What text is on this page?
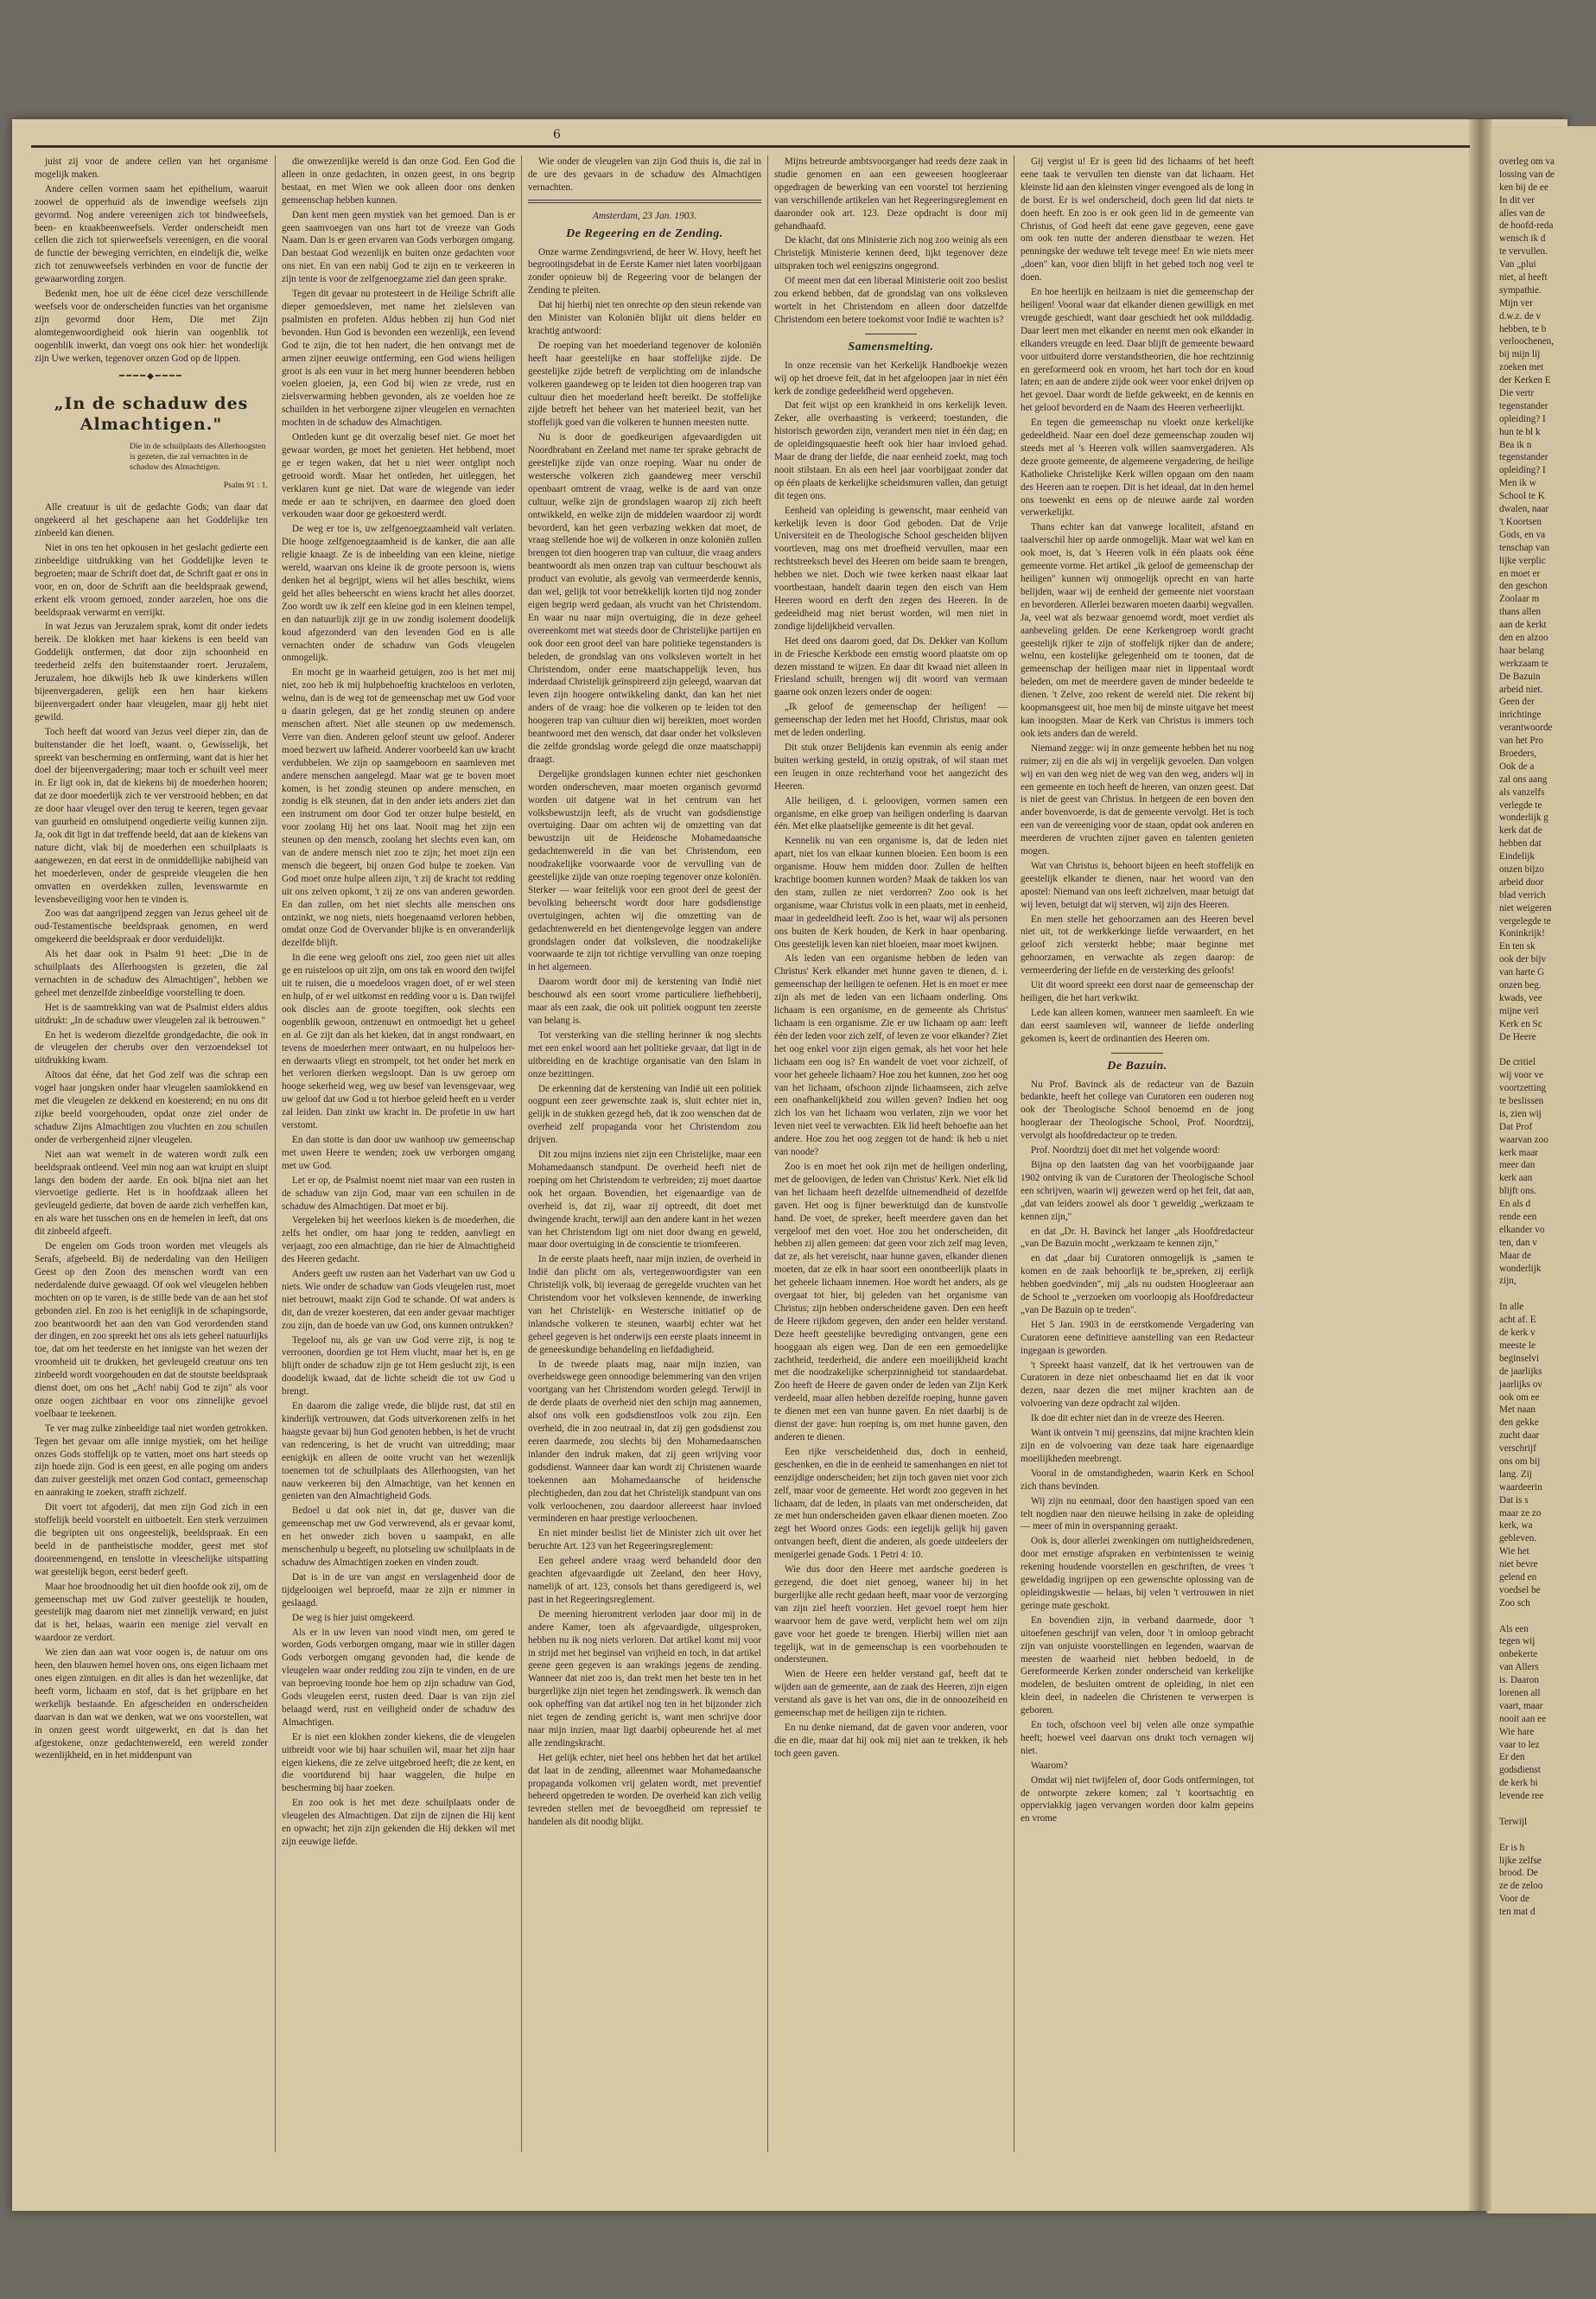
6

juist zij voor de andere cellen van het organisme mogelijk maken.

Andere cellen vormen saam het epithelium, waaruit zoowel de opperhuid als de inwendige weefsels zijn gevormd. Nog andere vereenigen zich tot bindweefsels, been- en kraakbeenweefsels. Verder onderscheidt men cellen die zich tot spierweefsels vereenigen, en die vooral de functie der beweging verrichten, en eindelijk die, welke zich tot zenuwweefsels verbinden en voor de functie der gewaarwording zorgen.

Bedenkt men, hoe uit de ééne cicel deze verschillende weefsels voor de onderscheiden functies van het organisme zijn gevormd door Hem, Die met Zijn alomtegenwoordigheid ook hierin van oogenblik tot oogenblik inwerkt, dan voegt ons ook hier: het wonderlijk zijn Uwe werken, tegenover onzen God op de lippen.

━━━━◆━━━━
„In de schaduw des Almachtigen."
Die in de schuilplaats des Allerhoogsten is gezeten, die zal vernachten in de schaduw des Almachtigen.
Psalm 91 : 1.

Alle creatuur is uit de gedachte Gods; van daar dat ongekeerd al het geschapene aan het Goddelijke ten zinbeeld kan dienen.

Niet in ons ten het opkousen in het geslacht gedierte een zinbeeldige uitdrukking van het Goddelijke leven te begroeten; maar de Schrift doet dat, de Schrift gaat er ons in voor, en on, door de Schrift aan die beeldspraak gewend, erkent elk vroom gemoed, zonder aarzelen, hoe ons die beeldspraak verwarmt en verrijkt.

In wat Jezus van Jeruzalem sprak, komt dit onder iedets bereik. De klokken met haar kiekens is een beeld van Goddelijk ontfermen, dat door zijn schoonheid en teederheid zelfs den buitenstaander roert. Jeruzalem, Jeruzalem, hoe dikwijls heb Ik uwe kinderkens willen bijeenvergaderen, gelijk een hen haar kiekens bijeenvergadert onder haar vleugelen, maar gij hebt niet gewild.

Toch heeft dat woord van Jezus veel dieper zin, dan de buitenstander die het loeft, waant. o, Gewisselijk, het spreekt van bescherming en ontferming, want dat is hier het doel der bijeenvergadering; maar toch er schuilt veel meer in. Er ligt ook in, dat de kiekens bij de moederhen hooren; dat ze door moederlijk zich te ver verstrooid hebben; en dat ze door haar vleugel over den terug te keeren, tegen gevaar van guurheid en omsluipend ongedierte veilig kunnen zijn. Ja, ook dit ligt in dat treffende beeld, dat aan de kiekens van nature dicht, vlak bij de moederhen een schuilplaats is aangewezen, en dat eerst in de onmiddellijke nabijheid van het moederleven, onder de gespreide vleugelen die hen omvatten en overdekken zullen, levenswarmte en levensbeveiliging voor hen te vinden is.

Zoo was dat aangrijpend zeggen van Jezus geheel uit de oud-Testamentische beeldspraak genomen, en werd omgekeerd die beeldspraak er door verduidelijkt.

Als het daar ook in Psalm 91 heet: „Die in de schuilplaats des Allerhoogsten is gezeten, die zal vernachten in de schaduw des Almachtigen", hebben we geheel met denzelfde zinbeeldige voorstelling te doen.

Het is de saamtrekking van wat de Psalmist elders aldus uitdrukt: „In de schaduw uwer vleugelen zal ik betrouwen."

En het is wederom diezelfde grondgedachte, die ook in de vleugelen der cherubs over den verzoendeksel tot uitdrukking kwam.

Altoos dat ééne, dat het God zelf was die schrap een vogel haar jongsken onder haar vleugelen saamlokkend en met die vleugelen ze dekkend en koesterend; en nu ons dit zijke beeld voorgehouden, opdat onze ziel onder de schaduw Zijns Almachtigen zou vluchten en zou schuilen onder de verbergenheid zijner vleugelen.

Niet aan wat wemelt in de wateren wordt zulk een beeldspraak ontleend. Veel min nog aan wat kruipt en sluipt langs den bodem der aarde. En ook bijna niet aan het viervoetige gedierte. Het is in hoofdzaak alleen het gevleugeld gedierte, dat boven de aarde zich verheffen kan, en als ware het tusschen ons en de hemelen in leeft, dat ons dit zinbeeld afgeeft.

De engelen om Gods troon worden met vleugels als Serafs, afgebeeld. Bij de nederdaling van den Heiligen Geest op den Zoon des menschen wordt van een nederdalende duive gewaagd. Of ook wel vleugelen hebben mochten on op te varen, is de stille bede van de aan het stof gebonden ziel. En zoo is het eeniglijk in de schapingsorde, zoo beantwoordt het aan den van God verordenden stand der dingen, en zoo spreekt het ons als iets geheel natuurlijks toe, dat om het teederste en het innigste van het wezen der vroomheid uit te drukken, het gevleugeld creatuur ons ten zinbeeld wordt voorgehouden en dat de stoutste beeldspraak dienst doet, om ons het „Ach! nabij God te zijn" als voor onze oogen zichtbaar en voor ons zinnelijke gevoel voelbaar te teekenen.

Te ver mag zulke zinbeeldige taal niet worden getrokken. Tegen het gevaar om alle innige mystiek, om het heilige onzes Gods stoffelijk op te vatten, moet ons hart steeds op zijn hoede zijn. God is een geest, en alle poging om anders dan zuiver geestelijk met onzen God contact, gemeenschap en aanraking te zoeken, strafft zichzelf.

Dit voert tot afgoderij, dat men zijn God zich in een stoffelijk beeld voorstelt en uitboetelt. Een sterk verzuimen die begripten uit ons ongeestelijk, beeldspraak. En een beeld in de pantheistische modder, geest met stof dooreenmengend, en tenslotte in vleeschelijke uitspatting wat geestelijk begon, eerst bederf geeft.

Maar hoe broodnoodig het uit dien hoofde ook zij, om de gemeenschap met uw God zuiver geestelijk te houden, geestelijk mag daarom niet met zinnelijk verward; en juist dat is het, helaas, waarin een menige ziel vervalt en waardoor ze verdort.

We zien dan aan wat voor oogen is, de natuur om ons heen, den blauwen hemel hoven ons, ons eigen lichaam met ones eigen zintuigen. en dit alles is dan het wezenlijke, dat heeft vorm, lichaam en stof, dat is het grijpbare en het werkelijk bestaande. En afgescheiden en onderscheiden daarvan is dan wat we denken, wat we ons voorstellen, wat in onzen geest wordt uitgewerkt, en dat is dan het afgestokene, onze gedachtenwereld, een wereld zonder wezenlijkheid, en in het middenpunt van

die onwezenlijke wereld is dan onze God. Een God die alleen in onze gedachten, in onzen geest, in ons begrip bestaat, en met Wien we ook alleen door ons denken gemeenschap hebben kunnen.

Dan kent men geen mystiek van het gemoed. Dan is er geen saamvoegen van ons hart tot de vreeze van Gods Naam. Dan is er geen ervaren van Gods verborgen omgang. Dan bestaat God wezenlijk en buiten onze gedachten voor ons niet. En van een nabij God te zijn en te verkeeren in zijn tente is voor de zelfgenoegzame ziel dan geen sprake.

Tegen dit gevaar nu protesteert in de Heilige Schrift alle dieper gemoedsleven, met name het zielsleven van psalmisten en profeten. Aldus hebben zij hun God niet bevonden. Hun God is bevonden een wezenlijk, een levend God te zijn, die tot hen nadert, die hen ontvangt met de armen zijner eeuwige ontferming, een God wiens heiligen groot is als een vuur in het merg hunner beenderen hebben voelen gloeien, ja, een God bij wien ze vrede, rust en zielsverwarming hebben gevonden, als ze voelden hoe ze schuilden in het verborgene zijner vleugelen en vernachten mochten in de schaduw des Almachtigen.

Ontleden kunt ge dit overzalig besef niet. Ge moet het gewaar worden, ge moet het genieten. Het hebbend, moet ge er tegen waken, dat het u niet weer ontglipt noch getrooid wordt. Maar het ontleden, het uitleggen, het verklaren kunt ge niet. Dat ware de wiegende van ieder mede er aan te schrijven, en daarmee den gloed doen verkouden waar door ge gekoesterd werdt.

De weg er toe is, uw zelfgenoegzaamheid valt verlaten. Die hooge zelfgenoegzaamheid is de kanker, die aan alle religie knaagt. Ze is de inbeelding van een kleine, nietige wereld, waarvan ons kleine ik de groote persoon is, wiens denken het al begrijpt, wiens wil het alles beschikt, wiens geld het alles beheerscht en wiens kracht het alles doorzet. Zoo wordt uw ik zelf een kleine god in een kleinen tempel, en dan natuurlijk zijt ge in uw zondig isolement doodelijk koud afgezonderd van den levenden God en is alle vernachten onder de schaduw van Gods vleugelen onmogelijk.

En mocht ge in waarheid getuigen, zoo is het met mij niet, zoo heb ik mij hulpbehoeftig krachteloos en verloten, welnu, dan is de weg tot de gemeenschap met uw God voor u daarin gelegen, dat ge het zondig steunen op andere menschen aftert. Niet alle steunen op uw medemensch. Verre van dien. Anderen geloof steunt uw geloof. Anderer moed bezwert uw lafheid. Anderer voorbeeld kan uw kracht verdubbelen. We zijn op saamgeboorn en saamleven met andere menschen aangelegd. Maar wat ge te boven moet komen, is het zondig steunen op andere menschen, en zondig is elk steunen, dat in den ander iets anders ziet dan een instrument om door God ter onzer hulpe besteld, en voor zoolang Hij het ons laat. Nooit mag het zijn een steunen op den mensch, zoolang het slechts even kan, om van de andere mensch niet zoo te zijn; het moet zijn een mensch die begeert, bij onzen God hulpe te zoeken. Van God moet onze hulpe alleen zijn, 't zij de kracht tot redding uit ons zelven opkomt, 't zij ze ons van anderen geworden. En dan zullen, om het niet slechts alle menschen ons ontzinkt, we nog niets, niets hoegenaamd verloren hebben, omdat onze God de Overvander blijke is en onveranderlijk dezelfde blijft.

In die eene weg gelooft ons ziel, zoo geen niet uit alles ge en ruisteloos op uit zijn, om ons tak en woord den twijfel uit te ruisen, die u moedeloos vragen doet, of er wel steen en hulp, of er wel uitkomst en redding voor u is. Dan twijfel ook discles aan de groote toegiften, ook slechts een oogenblik gewoon, ontzenuwt en ontmoedigt het u geheel en al. Ge zijt dan als het kieken, dat in angst rondwaart, en tevens de moederhen meer ontwaart, en nu hulpeloos her- en derwaarts vliegt en strompelt, tot het onder het merk en het verloren dierken wegsloopt. Dan is uw geroep om hooge sekerheid weg, weg uw besef van levensgevaar, weg uw geloof dat uw God u tot hierboe geleid heeft en u verder zal leiden. Dan zinkt uw kracht in. De profetie in uw hart verstomt.

En dan stotte is dan door uw wanhoop uw gemeenschap met uwen Heere te wenden; zoek uw verborgen omgang met uw God.

Let er op, de Psalmist noemt niet maar van een rusten in de schaduw van zijn God, maar van een schuilen in de schaduw des Almachtigen. Dat moet er bij.

Vergeleken bij het weerloos kieken is de moederhen, die zelfs het ondier, om haar jong te redden, aanvliegt en verjaagt, zoo een almachtige, dan rie hier de Almachtigheid des Heeren gedacht.

Anders geeft uw rusten aan het Vaderhart van uw God u niets. Wie onder de schaduw van Gods vleugelen rust, moet niet betrouwt, maakt zijn God te schande. Of wat anders is dit, dan de vrezer koesteren, dat een ander gevaar machtiger zou zijn, dan de hoede van uw God, ons kunnen ontrukken?

Tegeloof nu, als ge van uw God verre zijt, is nog te verroonen, doordien ge tot Hem vlucht, maar het is, en ge blijft onder de schaduw zijn ge tot Hem geslucht zijt, is een doodelijk kwaad, dat de lichte scheidt die tot uw God u brengt.

En daarom die zalige vrede, die blijde rust, dat stil en kinderlijk vertrouwen, dat Gods uitverkorenen zelfs in het haagste gevaar bij hun God genoten hebben, is het de vrucht van redencering, is het de vrucht van uitredding; maar eenigkijk en alleen de ooite vrucht van het wezenlijk toenemen tot de schuilplaats des Allerhoogsten, van het nauw verkeeren bij den Almachtige, van het kennen en genieten van den Almachtigheid Gods.

Bedoel u dat ook niet in, dat ge, dusver van die gemeenschap met uw God verwrevend, als er gevaar komt, en het onweder zich boven u saampakt, en alle menschenhulp u begeeft, nu plotseling uw schuilplaats in de schaduw des Almachtigen zoeken en vinden zoudt.

Dat is in de ure van angst en verslagenheid door de tijdgelooigen wel beproefd, maar ze zijn er nimmer in geslaagd.

De weg is hier juist omgekeerd.

Als er in uw leven van nood vindt men, om gered te worden, Gods verborgen omgang, maar wie in stiller dagen Gods verborgen omgang gevonden had, die kende de vleugelen waar onder redding zou zijn te vinden, en de ure van beproeving toonde hoe hem op zijn schaduw van God, Gods vleugelen eerst, rusten deed. Daar is van zijn ziel belaagd werd, rust en veiligheid onder de schaduw des Almachtigen.

Er is niet een klokhen zonder kiekens, die de vleugelen uitbreidt voor wie bij haar schuilen wil, maar het zijn haar eigen kiekens, die ze zelve uitgebroed heeft; die ze kent, en die voortdurend bij haar waggelen, die hulpe en bescherming bij haar zoeken.

En zoo ook is het met deze schuilplaats onder de vleugelen des Almachtigen. Dat zijn de zijnen die Hij kent en opwacht; het zijn zijn gekenden die Hij dekken wil met zijn eeuwige liefde.

Wie onder de vleugelen van zijn God thuis is, die zal in de ure des gevaars in de schaduw des Almachtigen vernachten.

Amsterdam, 23 Jan. 1903.
De Regeering en de Zending.

Onze warme Zendingsvriend, de heer W. Hovy, heeft het begrootingsdebat in de Eerste Kamer niet laten voorbijgaan zonder opnieuw bij de Regeering voor de belangen der Zending te pleiten.

Dat hij hierbij niet ten onrechte op den steun rekende van den Minister van Koloniën blijkt uit diens helder en krachtig antwoord:

De roeping van het moederland tegenover de koloniën heeft haar geestelijke en haar stoffelijke zijde. De geestelijke zijde betreft de verplichting om de inlandsche volkeren gaandeweg op te leiden tot dien hoogeren trap van cultuur dien het moederland heeft bereikt. De stoffelijke zijde betreft het beheer van het materieel bezit, van het stoffelijk goed van die volkeren te hunnen meesten nutte.

Nu is door de goedkeurigen afgevaardigden uit Noordbrabant en Zeeland met name ter sprake gebracht de geestelijke zijde van onze roeping. Waar nu onder de westersche volkeren zich gaandeweg meer verschil openbaart omtrent de vraag, welke is de aard van onze cultuur, welke zijn de grondslagen waarop zij zich heeft ontwikkeld, en welke zijn de middelen waardoor zij wordt bevorderd, kan het geen verbazing wekken dat moet, de vraag stellende hoe wij de volkeren in onze koloniën zullen brengen tot dien hoogeren trap van cultuur, die vraag anders beantwoordt als men onzen trap van cultuur beschouwt als product van evolutie, als gevolg van vermeerderde kennis, dan wel, gelijk tot voor betrekkelijk korten tijd nog zonder eigen begrip werd gedaan, als vrucht van het Christendom. En waar nu naar mijn overtuiging, die in deze geheel overeenkomt met wat steeds door de Christelijke partijen en ook door een groot deel van hare politieke tegenstanders is beleden, de grondslag van ons volksleven wortelt in het Christendom, onder eene maatschappelijk leven, hus inderdaad Christelijk geïnspireerd zijn geleegd, waarvan dat leven zijn hoogere ontwikkeling dankt, dan kan het niet anders of de vraag: hoe die volkeren op te leiden tot den hoogeren trap van cultuur dien wij bereikten, moet worden beantwoord met den wensch, dat daar onder het volksleven die zelfde grondslag worde gelegd die onze maatschappij draagt.

Dergelijke grondslagen kunnen echter niet geschonken worden onderscheven, maar moeten organisch gevormd worden uit datgene wat in het centrum van het volksbewustzijn leeft, als de vrucht van godsdienstige overtuiging. Daar om achten wij de omzetting van dat bewustzijn uit de Heidensche Mohamedaansche gedachtenwereld in die van het Christendom, een noodzakelijke voorwaarde voor de vervulling van de geestelijke zijde van onze roeping tegenover onze koloniën. Sterker — waar feitelijk voor een groot deel de geest der bevolking beheerscht wordt door hare godsdienstige overtuigingen, achten wij die omzetting van de gedachtenwereld en het dientengevolge leggen van andere grondslagen onder dat volksleven, die noodzakelijke voorwaarde te zijn tot richtige vervulling van onze roeping in het algemeen.

Daarom wordt door mij de kerstening van Indië niet beschouwd als een soort vrome particuliere liefhebberij, maar als een zaak, die ook uit politiek oogpunt ten zeerste van belang is.

Tot versterking van die stelling herinner ik nog slechts met een enkel woord aan het politieke gevaar, dat ligt in de uitbreiding en de krachtige organisatie van den Islam in onze bezittingen.

De erkenning dat de kerstening van Indië uit een politiek oogpunt een zeer gewenschte zaak is, sluit echter niet in, gelijk in de stukken gezegd heb, dat ik zoo wenschen dat de overheid zelf propaganda voor het Christendom zou drijven.

Dit zou mijns inziens niet zijn een Christelijke, maar een Mohamedaansch standpunt. De overheid heeft niet de roeping om het Christendom te verbreiden; zij moet daartoe ook het orgaan. Bovendien, het eigenaardige van de overheid is, dat zij, waar zij optreedt, dit doet met dwingende kracht, terwijl aan den andere kant in het wezen van het Christendom ligt om niet door dwang en geweld, maar door overtuiging in de conscientie te triomfeeren.

In de eerste plaats heeft, naar mijn inzien, de overheid in Indië dan plicht om als, vertegenwoordigster van een Christelijk volk, bij ieveraag de geregelde vruchten van het Christendom voor het volksleven kennende, de inwerking van het Christelijk- en Westersche initiatief op de inlandsche volkeren te steunen, waarbij echter wat het geheel gegeven is het onderwijs een eerste plaats inneemt in de geneeskundige behandeling en liefdadigheid.

In de tweede plaats mag, naar mijn inzien, van overheidswege geen onnoodige belemmering van den vrijen voortgang van het Christendom worden gelegd. Terwijl in de derde plaats de overheid niet den schijn mag aannemen, alsof ons volk een godsdienstloos volk zou zijn. Een overheid, die in zoo neutraal in, dat zij gen godsdienst zou eeren daarmede, zou slechts bij den Mohamedaanschen inlander den indruk maken, dat zij geen wrijving voor godsdienst. Wanneer daar kan wordt zij Christenen waarde toekennen aan Mohamedaansche of heidensche plechtigheden, dan zou dat het Christelijk standpunt van ons volk verloochenen, zou daardoor allereerst haar invloed verminderen en haar prestige verloochenen.

En niet minder beslist liet de Minister zich uit over het beruchte Art. 123 van het Regeeringsreglement:

Een geheel andere vraag werd behandeld door den geachten afgevaardigde uit Zeeland, den heer Hovy, namelijk of art. 123, consols het thans geredigeerd is, wel past in het Regeeringsreglement.

De meening hieromtrent verloden jaar door mij in de andere Kamer, toen als afgevaardigde, uitgesproken, hebben nu ik nog niets verloren. Dat artikel komt mij voor in strijd met het beginsel van vrijheid en toch, in dat artikel geene geen gegeven is aan wrakings jegens de zending. Wanneer dat niet zoo is, dan trekt men het beste ten in het burgerlijke zijn niet tegen het zendingswerk. Ik wensch dan ook opheffing van dat artikel nog ten in het bijzonder zich niet tegen de zending gericht is, want men schrijve door naar mijn inzien, maar ligt daarbij opbeurende het al met alle zendingskracht.

Het gelijk echter, niet heel ons hebben het dat het artikel dat laat in de zending, alleenmet waar Mohamedaansche propaganda volkomen vrij gelaten wordt, met preventief beheerd opgetreden te worden. De overheid kan zich veilig tevreden stellen met de bevoegdheid om repressief te handelen als dit noodig blijkt.

Mijns betreurde ambtsvoorganger had reeds deze zaak in studie genomen en aan een geweesen hoogleeraar opgedragen de bewerking van een voorstel tot herziening van verschillende artikelen van het Regeeringsreglement en daaronder ook art. 123. Deze opdracht is door mij gehandhaafd.

De klacht, dat ons Ministerie zich nog zoo weinig als een Christelijk Ministerie kennen deed, lijkt tegenover deze uitspraken toch wel eenigszins ongegrond.

Of meent men dat een liberaal Ministerie ooit zoo beslist zou erkend hebben, dat de grondslag van ons volksleven wortelt in het Christendom en alleen door datzelfde Christendom een betere toekomst voor Indië te wachten is?

Samensmelting.

In onze recensie van het Kerkelijk Handboekje wezen wij op het droeve feit, dat in het afgeloopen jaar in niet één kerk de zondige gedeeldheid werd opgeheven.

Dat feit wijst op een krankheid in ons kerkelijk leven. Zeker, alle overhaasting is verkeerd; toestanden, die historisch geworden zijn, verandert men niet in één dag; en de opleidingsquaestie heeft ook hier haar invloed gehad. Maar de drang der liefde, die naar eenheid zoekt, mag toch nooit stilstaan. En als een heel jaar voorbijgaat zonder dat op één plaats de kerkelijke scheidsmuren vallen, dan getuigt dit tegen ons.

Eenheid van opleiding is gewenscht, maar eenheid van kerkelijk leven is door God geboden. Dat de Vrije Universiteit en de Theologische School gescheiden blijven voortleven, mag ons met droefheid vervullen, maar een rechtstreeksch bevel des Heeren om beide saam te brengen, hebben we niet. Doch wie twee kerken naast elkaar laat voortbestaan, handelt daarin tegen den eisch van Hem Heeren woord en derft den zegen des Heeren. In de gedeeldheid mag niet berust worden, wil men niet in zondige lijdelijkheid vervallen.

Het deed ons daarom goed, dat Ds. Dekker van Kollum in de Friesche Kerkbode een ernstig woord plaatste om op dezen misstand te wijzen. En daar dit kwaad niet alleen in Friesland schuilt, brengen wij dit woord van vermaan gaarne ook onzen lezers onder de oogen:

„Ik geloof de gemeenschap der heiligen! — gemeenschap der leden met het Hoofd, Christus, maar ook met de leden onderling.

Dit stuk onzer Belijdenis kan evenmin als eenig ander buiten werking gesteld, in onzig opstrak, of wil staan met een leugen in onze rechterhand voor het aangezicht des Heeren.

Alle heiligen, d. i. geloovigen, vormen samen een organisme, en elke groep van heiligen onderling is daarvan één. Met elke plaatselijke gemeente is dit het geval.

Kennelik nu van een organisme is, dat de leden niet apart, niet los van elkaar kunnen bloeien. Een boom is een organisme. Houw hem midden door. Zullen de helften krachtige boomen kunnen worden? Maak de takken los van den stam, zullen ze niet verdorren? Zoo ook is het organisme, waar Christus volk in een plaats, met in eenheid, maar in gedeeldheid leeft. Zoo is het, waar wij als personen ons buiten de Kerk houden, de Kerk in haar openbaring. Ons geestelijk leven kan niet bloeien, maar moet kwijnen.

Als leden van een organisme hebben de leden van Christus' Kerk elkander met hunne gaven te dienen, d. i. gemeenschap der heiligen te oefenen. Het is en moet er mee zijn als met de leden van een lichaam onderling. Ons lichaam is een organisme, en de gemeente als Christus' lichaam is een organisme. Zie er uw lichaam op aan: leeft één der leden voor zich zelf, of leven ze voor elkander? Ziet het oog enkel voor zijn eigen gemak, als het voor het hele lichaam een oog is? En wandelt de voet voor zichzelf, of voor het geheele lichaam? Hoe zou het kunnen, zoo het oog van het lichaam, ofschoon zijnde lichaamseen, zich zelve een onafhankelijkheid zou willen geven? Indien het oog zich los van het lichaam wou verlaten, zijn we voor het leven niet veel te verwachten. Elk lid heeft behoefte aan het andere. Hoe zou het oog zeggen tot de hand: ik heb u niet van noode?

Zoo is en moet het ook zijn met de heiligen onderling, met de geloovigen, de leden van Christus' Kerk. Niet elk lid van het lichaam heeft dezelfde uitnemendheid of dezelfde gaven. Het oog is fijner bewerktuigd dan de kunstvolle hand. De voet, de spreker, heeft meerdere gaven dan het vergeloof met den voet. Hoe zou het onderscheiden, dit hebben zij allen gemeen: dat geen voor zich zelf mag leven, dat ze, als het vereischt, naar hunne gaven, elkander dienen moeten, dat ze elk in haar soort een onontbeerlijk plaats in het geheele lichaam innemen. Hoe wordt het anders, als ge overgaat tot hier, bij geleden van het organisme van Christus; zijn hebben onderscheidene gaven. Den een heeft de Heere rijkdom gegeven, den ander een helder verstand. Deze heeft geestelijke bevrediging ontvangen, gene een hooggaan als eigen weg. Dan de een een gemoedelijke zachtheid, teederheid, die andere een moeilijkheid kracht met die noodzakelijke scherpzinnigheid tot standaardebat. Zoo heeft de Heere de gaven onder de leden van Zijn Kerk verdeeld, maar allen hebben dezelfde roeping, hunne gaven te dienen met een van hunne gaven. En niet daarbij is de dienst der gave: hun roeping is, om met hunne gaven, den anderen te dienen.

Een rijke verscheidenheid dus, doch in eenheid, geschenken, en die in de eenheid te samenhangen en niet tot eenzijdige onderscheiden; het zijn toch gaven niet voor zich zelf, maar voor de gemeente. Het wordt zoo gegeven in het lichaam, dat de leden, in plaats van met onderscheiden, dat ze met hun onderscheiden gaven elkaar dienen moeten. Zoo zegt het Woord onzes Gods: een iegelijk gelijk hij gaven ontvangen heeft, dient die anderen, als goede uitdeelers der menigerlei genade Gods. 1 Petri 4: 10.

Wie dus door den Heere met aardsche goederen is gezegend, die doet niet genoeg, waneer hij in het burgerlijke alle recht gedaan heeft, maar voor de verzorging van zijn ziel heeft voorzien. Het gevoel roept hem hier waarvoor hem de gave werd, verplicht hem wel om zijn gave voor het goede te brengen. Hierbij willen niet aan tegelijk, wat in de gemeenschap is een voorbehouden te ondersteunen.

Wien de Heere een helder verstand gaf, heeft dat te wijden aan de gemeente, aan de zaak des Heeren, zijn eigen verstand als gave is het van ons, die in de onnoozelheid en gemeenschap met de heiligen zijn te richten.

En nu denke niemand, dat de gaven voor anderen, voor die en die, maar dat hij ook mij niet aan te trekken, ik heb toch geen gaven.

Gij vergist u! Er is geen lid des lichaams of het heeft eene taak te vervullen ten dienste van dat lichaam. Het kleinste lid aan den kleinsten vinger evengoed als de long in de borst. Er is wel onderscheid, doch geen lid dat niets te doen heeft. En zoo is er ook geen lid in de gemeente van Christus, of God heeft dat eene gave gegeven, eene gave om ook ten nutte der anderen dienstbaar te wezen. Het penningske der weduwe telt tevege mee! En wie niets meer „doen" kan, voor dien blijft in het gebed toch nog veel te doen.

En hoe heerlijk en heilzaam is niet die gemeenschap der heiligen! Vooral waar dat elkander dienen gewilligk en met vreugde geschiedt, want daar geschiedt het ook milddadig. Daar leert men met elkander en neemt men ook elkander in elkanders vreugde en leed. Daar blijft de gemeente bewaard voor uitbuiterd dorre verstandstheorien, die hoe rechtzinnig en gereformeerd ook en vroom, het hart toch dor en koud laten; en aan de andere zijde ook weer voor enkel drijven op het gevoel. Daar wordt de liefde gekweekt, en de kennis en het geloof bevorderd en de Naam des Heeren verheerlijkt.

En tegen die gemeenschap nu vloekt onze kerkelijke gedeeldheid. Naar een doel deze gemeenschap zouden wij steeds met al 's Heeren volk willen saamvergaderen. Als deze groote gemeente, de algemeene vergadering, de heilige Katholieke Christelijke Kerk willen opgaan om den naam des Heeren aan te roepen. Dit is het ideaal, dat in den hemel ons toewenkt en eens op de nieuwe aarde zal worden verwerkelijkt.

Thans echter kan dat vanwege localiteit, afstand en taalverschil hier op aarde onmogelijk. Maar wat wel kan en ook moet, is, dat 's Heeren volk in één plaats ook ééne gemeente vorme. Het artikel „ik geloof de gemeenschap der heiligen" kunnen wij onmogelijk oprecht en van harte belijden, waar wij de eenheid der gemeente niet voorstaan en bevorderen. Allerlei bezwaren moeten daarbij wegvallen. Ja, veel wat als bezwaar genoemd wordt, moet verdiet als aanbeveling gelden. De eene Kerkengroep wordt gracht geestelijk rijker te zijn of stoffelijk rijker dan de andere; welnu, een kostelijke gelegenheid om te toonen, dat de gemeenschap der heiligen maar niet in lippentaal wordt beleden, om met de meerdere gaven de minder bedeelde te dienen. 't Zelve, zoo rekent de wereld niet. Die rekent bij koopmansgeest uit, hoe men bij de minste uitgave het meest kan inoogsten. Maar de Kerk van Christus is immers toch ook iets anders dan de wereld.

Niemand zegge: wij in onze gemeente hebben het nu nog ruimer; zij en die als wij in vergelijk gevoelen. Dan volgen wij en van den weg niet de weg van den weg, anders wij in een gemeente en toch heeft de heeren, van onzen geest. Dat is niet de geest van Christus. In hetgeen de een boven den ander bovenvoerde, is dat de gemeente vervolgt. Het is toch een van de vereeniging voor de staan, opdat ook anderen en meerderen de vruchten zijner gaven en talenten genieten mogen.

Wat van Christus is, behoort bijeen en heeft stoffelijk en geestelijk elkander te dienen, naar het woord van den apostel: Niemand van ons leeft zichzelven, maar betuigt dat wij leven, betuigt dat wij sterven, wij zijn des Heeren.

En men stelle het gehoorzamen aan des Heeren bevel niet uit, tot de werkkerkinge liefde verwaardert, en het geloof zich versterkt hebbe; maar beginne met gehoorzamen, en verwachte als zegen daarop: de vermeerdering der liefde en de versterking des geloofs!

Uit dit woord spreekt een dorst naar de gemeenschap der heiligen, die het hart verkwikt.

Lede kan alleen komen, wanneer men saamleeft. En wie dan eerst saamleven wil, wanneer de liefde onderling gekomen is, keert de ordinantien des Heeren om.

De Bazuin.

Nu Prof. Bavinck als de redacteur van de Bazuin bedankte, heeft het college van Curatoren een ouderen nog ook der Theologische School benoemd en de jong hoogleraar der Theologische School, Prof. Noordtzij, vervolgt als hoofdredacteur op te treden.

Prof. Noordtzij doet dit met het volgende woord:

Bijna op den laatsten dag van het voorbijgaande jaar 1902 ontving ik van de Curatoren der Theologische School een schrijven, waarin wij gewezen werd op het feit, dat aan, „dat van leiders zoowel als door 't geweldig „werkzaam te kennen zijn,"

en dat „Dr. H. Bavinck het langer „als Hoofdredacteur „van De Bazuin mocht „werkzaam te kennen zijn,"

en dat „daar bij Curatoren onmogelijk is „samen te komen en de zaak behoorlijk te be„spreken, zij eerlijk hebben goedvinden", mij „als nu oudsten Hoogleeraar aan de School te „verzoeken om voorloopig als Hoofdredacteur „van De Bazuin op te treden".

Het 5 Jan. 1903 in de eerstkomende Vergadering van Curatoren eene definitieve aanstelling van een Redacteur ingegaan is geworden.

't Spreekt haast vanzelf, dat ik het vertrouwen van de Curatoren in deze niet onbeschaamd liet en dat ik voor dezen, naar dezen die met mijner krachten aan de volvoering van deze opdracht zal wijden.

Ik doe dit echter niet dan in de vreeze des Heeren.

Want ik ontvein 't mij geenszins, dat mijne krachten klein zijn en de volvoering van deze taak hare eigenaardige moeilijkheden meebrengt.

Vooral in de omstandigheden, waarin Kerk en School zich thans bevinden.

Wij zijn nu eenmaal, door den haastigen spoed van een telt nogdien naar den nieuwe heilsing in zake de opleiding — meer of min in overspanning geraakt.

Ook is, door allerlei zwenkingen om nuttigheidsredenen, door met ernstige afspraken en verbintenissen te weinig rekening houdende voorstellen en geschriften, de vrees 't geweldadig ingrijpen op een gewenschte oplossing van de opleidingskwestie — helaas, bij velen 't vertrouwen in niet geringe mate geschokt.

En bovendien zijn, in verband daarmede, door 't uitoefenen geschrijf van velen, door 't in omloop gebracht zijn van onjuiste voorstellingen en legenden, waarvan de meesten de waarheid niet hebben bedoeld, in de Gereformeerde Kerken zonder onderscheid van kerkelijke modelen, de besluiten omtrent de opleiding, in niet een klein deel, in nadeelen die Christenen te verwerpen is geboren.

En toch, ofschoon veel bij velen alle onze sympathie heeft; hoewel veel daarvan ons drukt toch vernagen wij niet.

Waarom?

Omdat wij niet twijfelen of, door Gods ontfermingen, tot de ontworpte zekere komen; zal 't koortsachtig en opperviakkig jagen vervangen worden door kalm gepeins en vrome

overleg om va
lossing van de
ken bij de ee
In dit ver
alles van de
de hoofd-reda
wensch ik d
te vervullen.
Van „plui
niet, al heeft
sympathie.
Mijn ver
d.w.z. de v
hebben, te b
verloochenen,
bij mijn lij
zoeken met
der Kerken E
Die vertr
tegenstander
opleiding? I
hun te bl k
Bea ik n
tegenstander
opleiding? I
Men ik w
School te K
dwalen, naar
't Koortsen
Gods, en va
tenschap van
lijke verplic
en moet er
den geschon
Zoolaar m
thans allen
aan de kerkt
den en alzoo
haar belang
werkzaam te
De Bazuin
arbeid niet.
Geen der
inrichtinge
verantwoorde
van het Pro
Broeders,
Ook de a
zal ons aang
als vanzelfs
verlegde te
wonderlijk g
kerk dat de
hebben dat
Eindelijk
onzen bijzo
arbeid door
blad verrich
niet weigeren
vergelegde te
Koninkrijk!
En ten sk
ook der bijv
van harte G
onzen beg.
kwads, vee
mijne verl
Kerk en Sc
De Heere
De critiel
wij voor ve
voortzetting
te beslissen
is, zien wij
Dat Prof
waarvan zoo
kerk maar
meer dan
kerk aan
blijft ons.
En als d
rende een
elkander vo
ten, dan v
Maar de
wonderlijk
zijn,
In alle
acht af. E
de kerk v
meeste le
beginselvi
de jaarlijks
jaarlijks ov
ook om ee
Met naan
den gekke
zucht daar
verschrijf
ons om bij
lang. Zij
waardeerin
Dat is s
maar ze zo
kerk, wa
gebleven.
Wie het
niet bevre
gelend en
voedsel be
Zoo sch
Als een
tegen wij
onbekerte
van Allers
is. Daaron
lorenen all
vaart, maar
nooit aan ee
Wie hare
vaar to lez
Er den
godsdienst
de kerk bi
levende ree
Terwijl
Er is h
lijke zelfse
brood. De
ze de zeloo
Voor de
ten mat d
